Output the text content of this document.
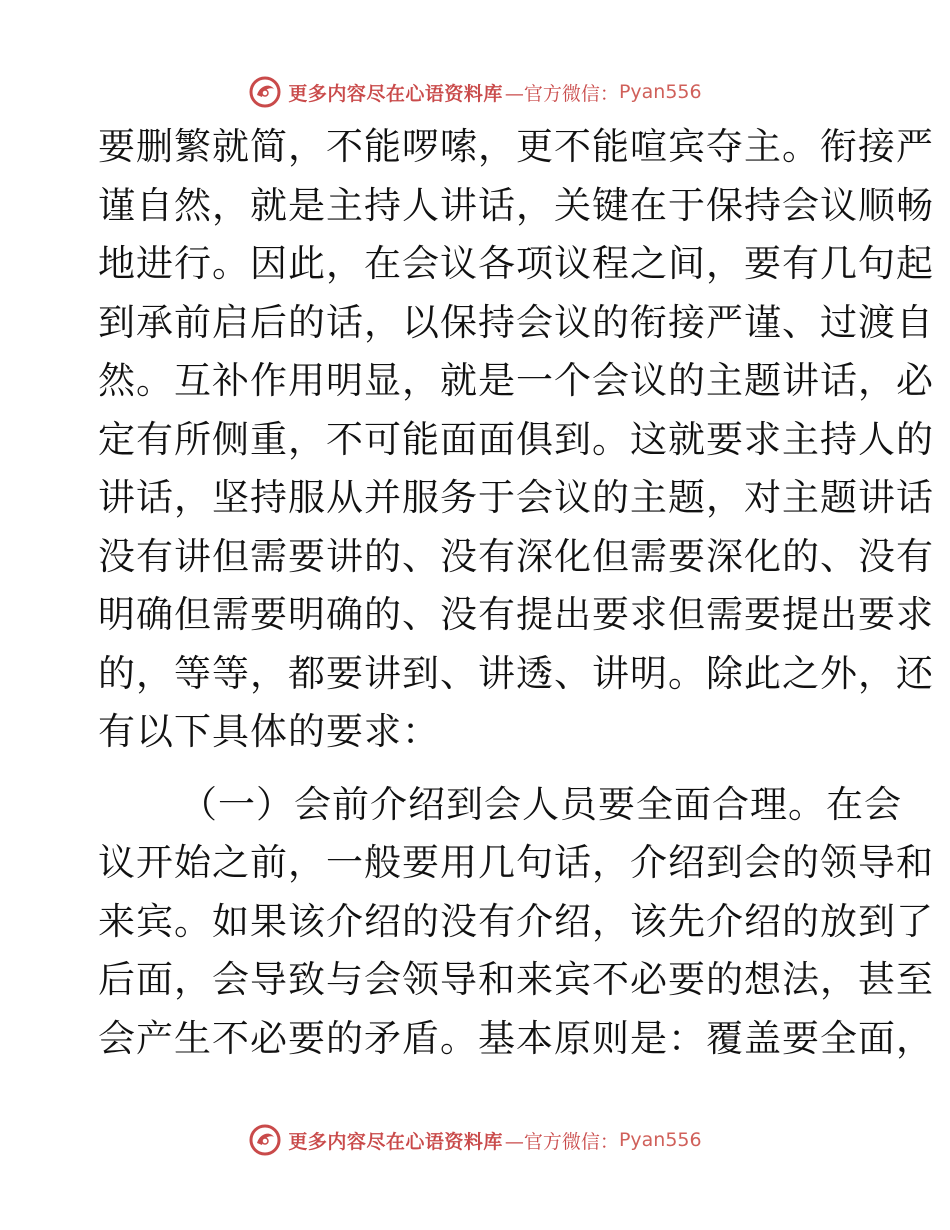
更多内容尽在心语资料库 —官方微信： Pyan556
要删繁就简，不能啰嗦，更不能喧宾夺主。衔接严
谨自然，就是主持人讲话，关键在于保持会议顺畅
地进行。因此，在会议各项议程之间，要有几句起
到承前启后的话，以保持会议的衔接严谨、过渡自
然。互补作用明显，就是一个会议的主题讲话，必
定有所侧重，不可能面面俱到。这就要求主持人的
讲话，坚持服从并服务于会议的主题，对主题讲话
没有讲但需要讲的、没有深化但需要深化的、没有
明确但需要明确的、没有提出要求但需要提出要求
的，等等，都要讲到、讲透、讲明。除此之外，还
有以下具体的要求：
（一）会前介绍到会人员要全面合理。在会
议开始之前，一般要用几句话，介绍到会的领导和
来宾。如果该介绍的没有介绍，该先介绍的放到了
后面，会导致与会领导和来宾不必要的想法，甚至
会产生不必要的矛盾。基本原则是：覆盖要全面，
更多内容尽在心语资料库 —官方微信： Pyan556
